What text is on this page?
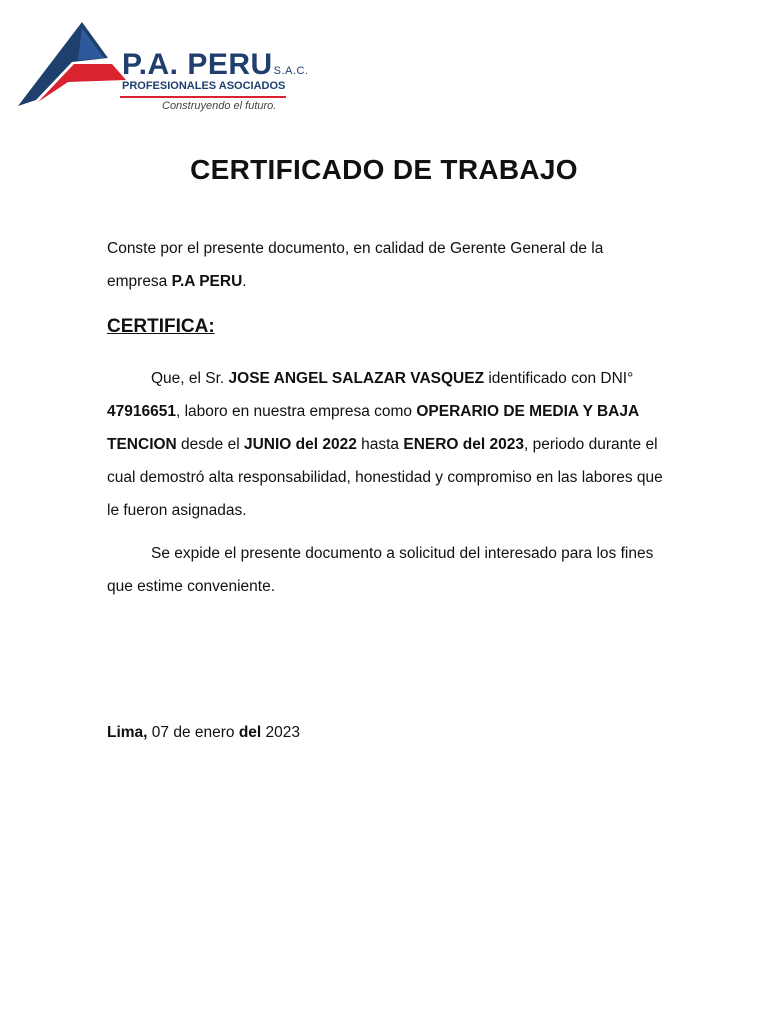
P.A. PERUS.A.C.
PROFESIONALES ASOCIADOS
Construyendo el futuro.
CERTIFICADO DE TRABAJO

Conste por el presente documento, en calidad de Gerente General de la empresa P.A PERU.

CERTIFICA:

Que, el Sr. JOSE ANGEL SALAZAR VASQUEZ identificado con DNI° 47916651, laboro en nuestra empresa como OPERARIO DE MEDIA Y BAJA TENCION desde el JUNIO del 2022 hasta ENERO del 2023, periodo durante el cual demostró alta responsabilidad, honestidad y compromiso en las labores que le fueron asignadas.

Se expide el presente documento a solicitud del interesado para los fines que estime conveniente.

Lima, 07 de enero del 2023
